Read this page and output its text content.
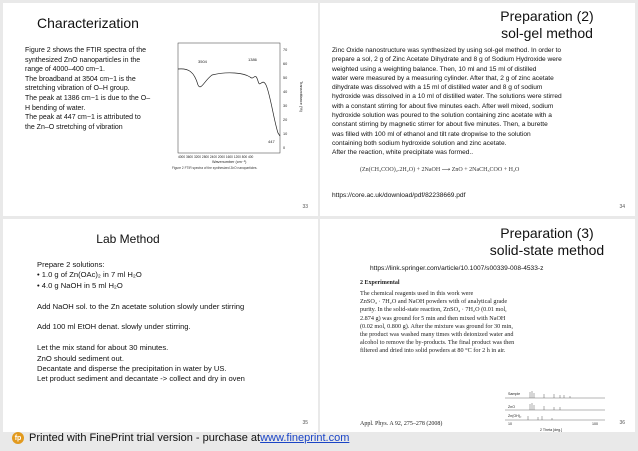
Characterization

Figure 2 shows the FTIR spectra of the

synthesized ZnO nanoparticles in the

range of 4000–400 cm−1.

The broadband at 3504 cm−1 is the

stretching vibration of O–H group.

The peak at 1386 cm−1 is due to the O–

H bending of water.

The peak at 447 cm−1 is attributed to

the Zn–O stretching of vibration

3504	1386
447
70
60
50
40
30
20
10
0
Transmittance (%)
4000 3600 3200 2800 2400 2000 1600 1200 800 400
Wavenumber (cm⁻¹)
Figure 2 FTIR spectra of the synthesized ZnO nanoparticles.
33
Preparation (2)
sol-gel method

Zinc Oxide nanostructure was synthesized by using sol-gel method. In order to

prepare a sol, 2 g of Zinc Acetate Dihydrate and 8 g of Sodium Hydroxide were

weighted using a weighting balance. Then, 10 ml and 15 ml of distilled

water were measured by a measuring cylinder. After that, 2 g of zinc acetate

dihydrate was dissolved with a 15 ml of distilled water and 8 g of sodium

hydroxide was dissolved in a 10 ml of distilled water. The solutions were stirred

with a constant stirring for about five minutes each. After well mixed, sodium

hydroxide solution was poured to the solution containing zinc acetate with a

constant stirring by magnetic stirrer for about five minutes. Then, a burette

was filled with 100 ml of ethanol and tilt rate dropwise to the solution

containing both sodium hydroxide solution and zinc acetate.

After the reaction, white precipitate was formed..

(Zn(CH₃COO)₂.2H₂O) + 2NaOH ⟶ ZnO + 2NaCH₃COO + H₂O
https://core.ac.uk/download/pdf/82238669.pdf
34
Lab Method

Prepare 2 solutions:

• 1.0 g of Zn(OAc)₂ in 7 ml H₂O

• 4.0 g NaOH in 5 ml H₂O

Add NaOH sol. to the Zn acetate solution slowly under stirring

Add 100 ml EtOH denat. slowly under stirring.

Let the mix stand for about 30 minutes.

ZnO should sediment out.

Decantate and disperse the precipitation in water by US.

Let product sediment and decantate -> collect and dry in oven

35
Preparation (3)
solid-state method
https://link.springer.com/article/10.1007/s00339-008-4533-z
2 Experimental

The chemical reagents used in this work were

ZnSO₄ · 7H₂O and NaOH powders with of analytical grade

purity. In the solid-state reaction, ZnSO₄ · 7H₂O (0.01 mol,

2.874 g) was ground for 5 min and then mixed with NaOH

(0.02 mol, 0.800 g). After the mixture was ground for 30 min,

the product was washed many times with deionized water and

alcohol to remove the by-products. The final product was then

filtered and dried into solid powders at 80 °C for 2 h in air.

Appl. Phys. A 92, 275–278 (2008)
Sample
ZnO
Zn(OH)₂
10	100
2 Theta [deg.]
36
fp Printed with FinePrint trial version - purchase at www.fineprint.com
